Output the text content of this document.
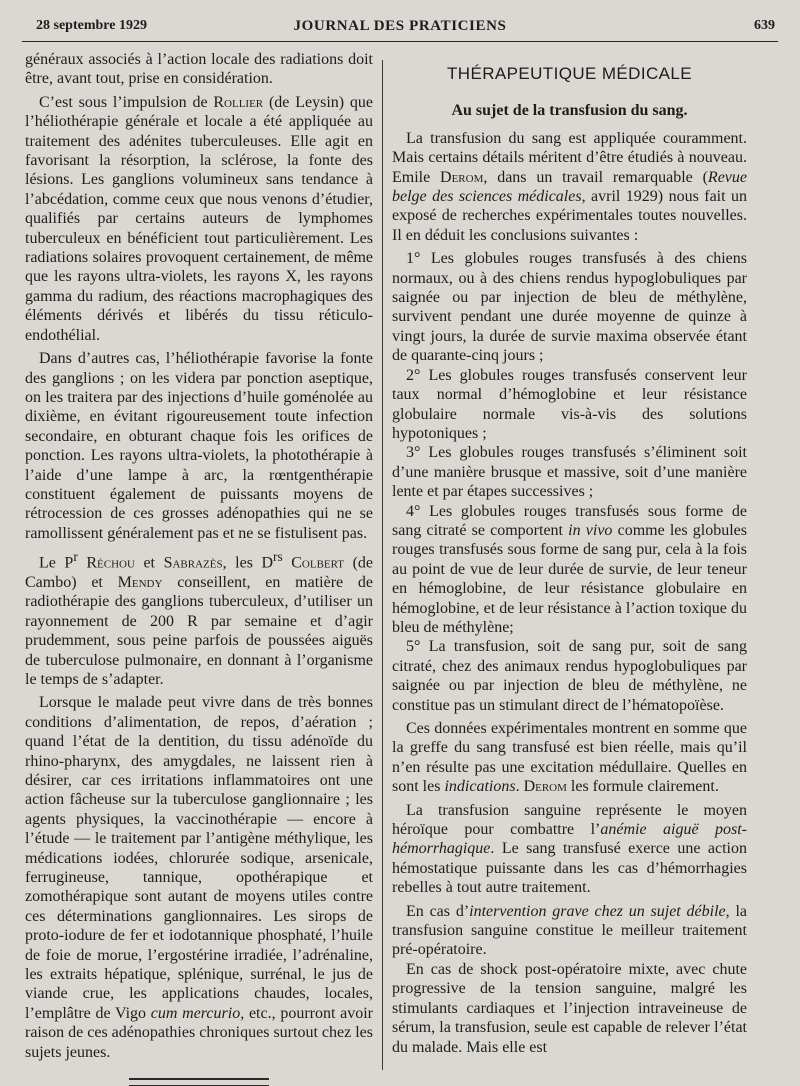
28 septembre 1929	JOURNAL DES PRATICIENS	639

généraux associés à l’action locale des radiations doit être, avant tout, prise en considération.

C’est sous l’impulsion de Rollier (de Leysin) que l’héliothérapie générale et locale a été appliquée au traitement des adénites tuberculeuses. Elle agit en favorisant la résorption, la sclérose, la fonte des lésions. Les ganglions volumineux sans tendance à l’abcédation, comme ceux que nous venons d’étudier, qualifiés par certains auteurs de lymphomes tuberculeux en bénéficient tout particulièrement. Les radiations solaires provoquent certainement, de même que les rayons ultra-violets, les rayons X, les rayons gamma du radium, des réactions macrophagiques des éléments dérivés et libérés du tissu réticulo-endothélial.

Dans d’autres cas, l’héliothérapie favorise la fonte des ganglions ; on les videra par ponction aseptique, on les traitera par des injections d’huile goménolée au dixième, en évitant rigoureusement toute infection secondaire, en obturant chaque fois les orifices de ponction. Les rayons ultra-violets, la photothérapie à l’aide d’une lampe à arc, la rœntgenthérapie constituent également de puissants moyens de rétrocession de ces grosses adénopathies qui ne se ramollissent généralement pas et ne se fistulisent pas.

Le $P^r$ Réchou et Sabrazès, les $D^{rs}$ Colbert (de Cambo) et Mendy conseillent, en matière de radiothérapie des ganglions tuberculeux, d’utiliser un rayonnement de 200 R par semaine et d’agir prudemment, sous peine parfois de poussées aiguës de tuberculose pulmonaire, en donnant à l’organisme le temps de s’adapter.

Lorsque le malade peut vivre dans de très bonnes conditions d’alimentation, de repos, d’aération ; quand l’état de la dentition, du tissu adénoïde du rhino-pharynx, des amygdales, ne laissent rien à désirer, car ces irritations inflammatoires ont une action fâcheuse sur la tuberculose ganglionnaire ; les agents physiques, la vaccinothérapie — encore à l’étude — le traitement par l’antigène méthylique, les médications iodées, chlorurée sodique, arsenicale, ferrugineuse, tannique, opothérapique et zomothérapique sont autant de moyens utiles contre ces déterminations ganglionnaires. Les sirops de proto-iodure de fer et iodotannique phosphaté, l’huile de foie de morue, l’ergostérine irradiée, l’adrénaline, les extraits hépatique, splénique, surrénal, le jus de viande crue, les applications chaudes, locales, l’emplâtre de Vigo cum mercurio, etc., pourront avoir raison de ces adénopathies chroniques surtout chez les sujets jeunes.

THÉRAPEUTIQUE MÉDICALE
Au sujet de la transfusion du sang.

La transfusion du sang est appliquée couramment. Mais certains détails méritent d’être étudiés à nouveau. Emile Derom, dans un travail remarquable (Revue belge des sciences médicales, avril 1929) nous fait un exposé de recherches expérimentales toutes nouvelles. Il en déduit les conclusions suivantes :

1° Les globules rouges transfusés à des chiens normaux, ou à des chiens rendus hypoglobuliques par saignée ou par injection de bleu de méthylène, survivent pendant une durée moyenne de quinze à vingt jours, la durée de survie maxima observée étant de quarante-cinq jours ;

2° Les globules rouges transfusés conservent leur taux normal d’hémoglobine et leur résistance globulaire normale vis-à-vis des solutions hypotoniques ;

3° Les globules rouges transfusés s’éliminent soit d’une manière brusque et massive, soit d’une manière lente et par étapes successives ;

4° Les globules rouges transfusés sous forme de sang citraté se comportent in vivo comme les globules rouges transfusés sous forme de sang pur, cela à la fois au point de vue de leur durée de survie, de leur teneur en hémoglobine, de leur résistance globulaire en hémoglobine, et de leur résistance à l’action toxique du bleu de méthylène;

5° La transfusion, soit de sang pur, soit de sang citraté, chez des animaux rendus hypoglobuliques par saignée ou par injection de bleu de méthylène, ne constitue pas un stimulant direct de l’hématopoïèse.

Ces données expérimentales montrent en somme que la greffe du sang transfusé est bien réelle, mais qu’il n’en résulte pas une excitation médullaire. Quelles en sont les indications. Derom les formule clairement.

La transfusion sanguine représente le moyen héroïque pour combattre l’anémie aiguë post-hémorrhagique. Le sang transfusé exerce une action hémostatique puissante dans les cas d’hémorrhagies rebelles à tout autre traitement.

En cas d’intervention grave chez un sujet débile, la transfusion sanguine constitue le meilleur traitement pré-opératoire.

En cas de shock post-opératoire mixte, avec chute progressive de la tension sanguine, malgré les stimulants cardiaques et l’injection intraveineuse de sérum, la transfusion, seule est capable de relever l’état du malade. Mais elle est
